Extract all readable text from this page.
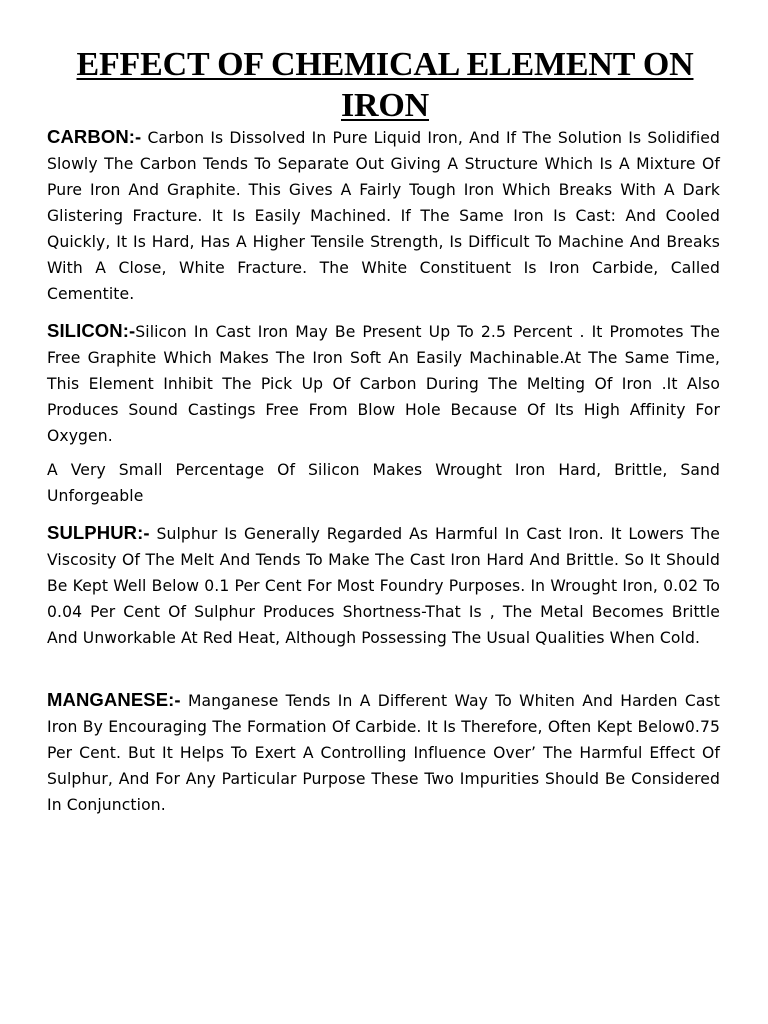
EFFECT OF CHEMICAL ELEMENT ON IRON

CARBON:- Carbon Is Dissolved In Pure Liquid Iron, And If The Solution Is Solidified Slowly The Carbon Tends To Separate Out Giving A Structure Which Is A Mixture Of Pure Iron And Graphite. This Gives A Fairly Tough Iron Which Breaks With A Dark Glistering Fracture. It Is Easily Machined. If The Same Iron Is Cast: And Cooled Quickly, It Is Hard, Has A Higher Tensile Strength, Is Difficult To Machine And Breaks With A Close, White Fracture. The White Constituent Is Iron Carbide, Called Cementite.

SILICON:-Silicon In Cast Iron May Be Present Up To 2.5 Percent . It Promotes The Free Graphite Which Makes The Iron Soft An Easily Machinable.At The Same Time, This Element Inhibit The Pick Up Of Carbon During The Melting Of Iron .It Also Produces Sound Castings Free From Blow Hole Because Of Its High Affinity For Oxygen.

A Very Small Percentage Of Silicon Makes Wrought Iron Hard, Brittle, Sand Unforgeable

SULPHUR:- Sulphur Is Generally Regarded As Harmful In Cast Iron. It Lowers The Viscosity Of The Melt And Tends To Make The Cast Iron Hard And Brittle. So It Should Be Kept Well Below 0.1 Per Cent For Most Foundry Purposes. In Wrought Iron, 0.02 To 0.04 Per Cent Of Sulphur Produces Shortness-That Is , The Metal Becomes Brittle And Unworkable At Red Heat, Although Possessing The Usual Qualities When Cold.

MANGANESE:- Manganese Tends In A Different Way To Whiten And Harden Cast Iron By Encouraging The Formation Of Carbide. It Is Therefore, Often Kept Below0.75 Per Cent. But It Helps To Exert A Controlling Influence Over’ The Harmful Effect Of Sulphur, And For Any Particular Purpose These Two Impurities Should Be Considered In Conjunction.
